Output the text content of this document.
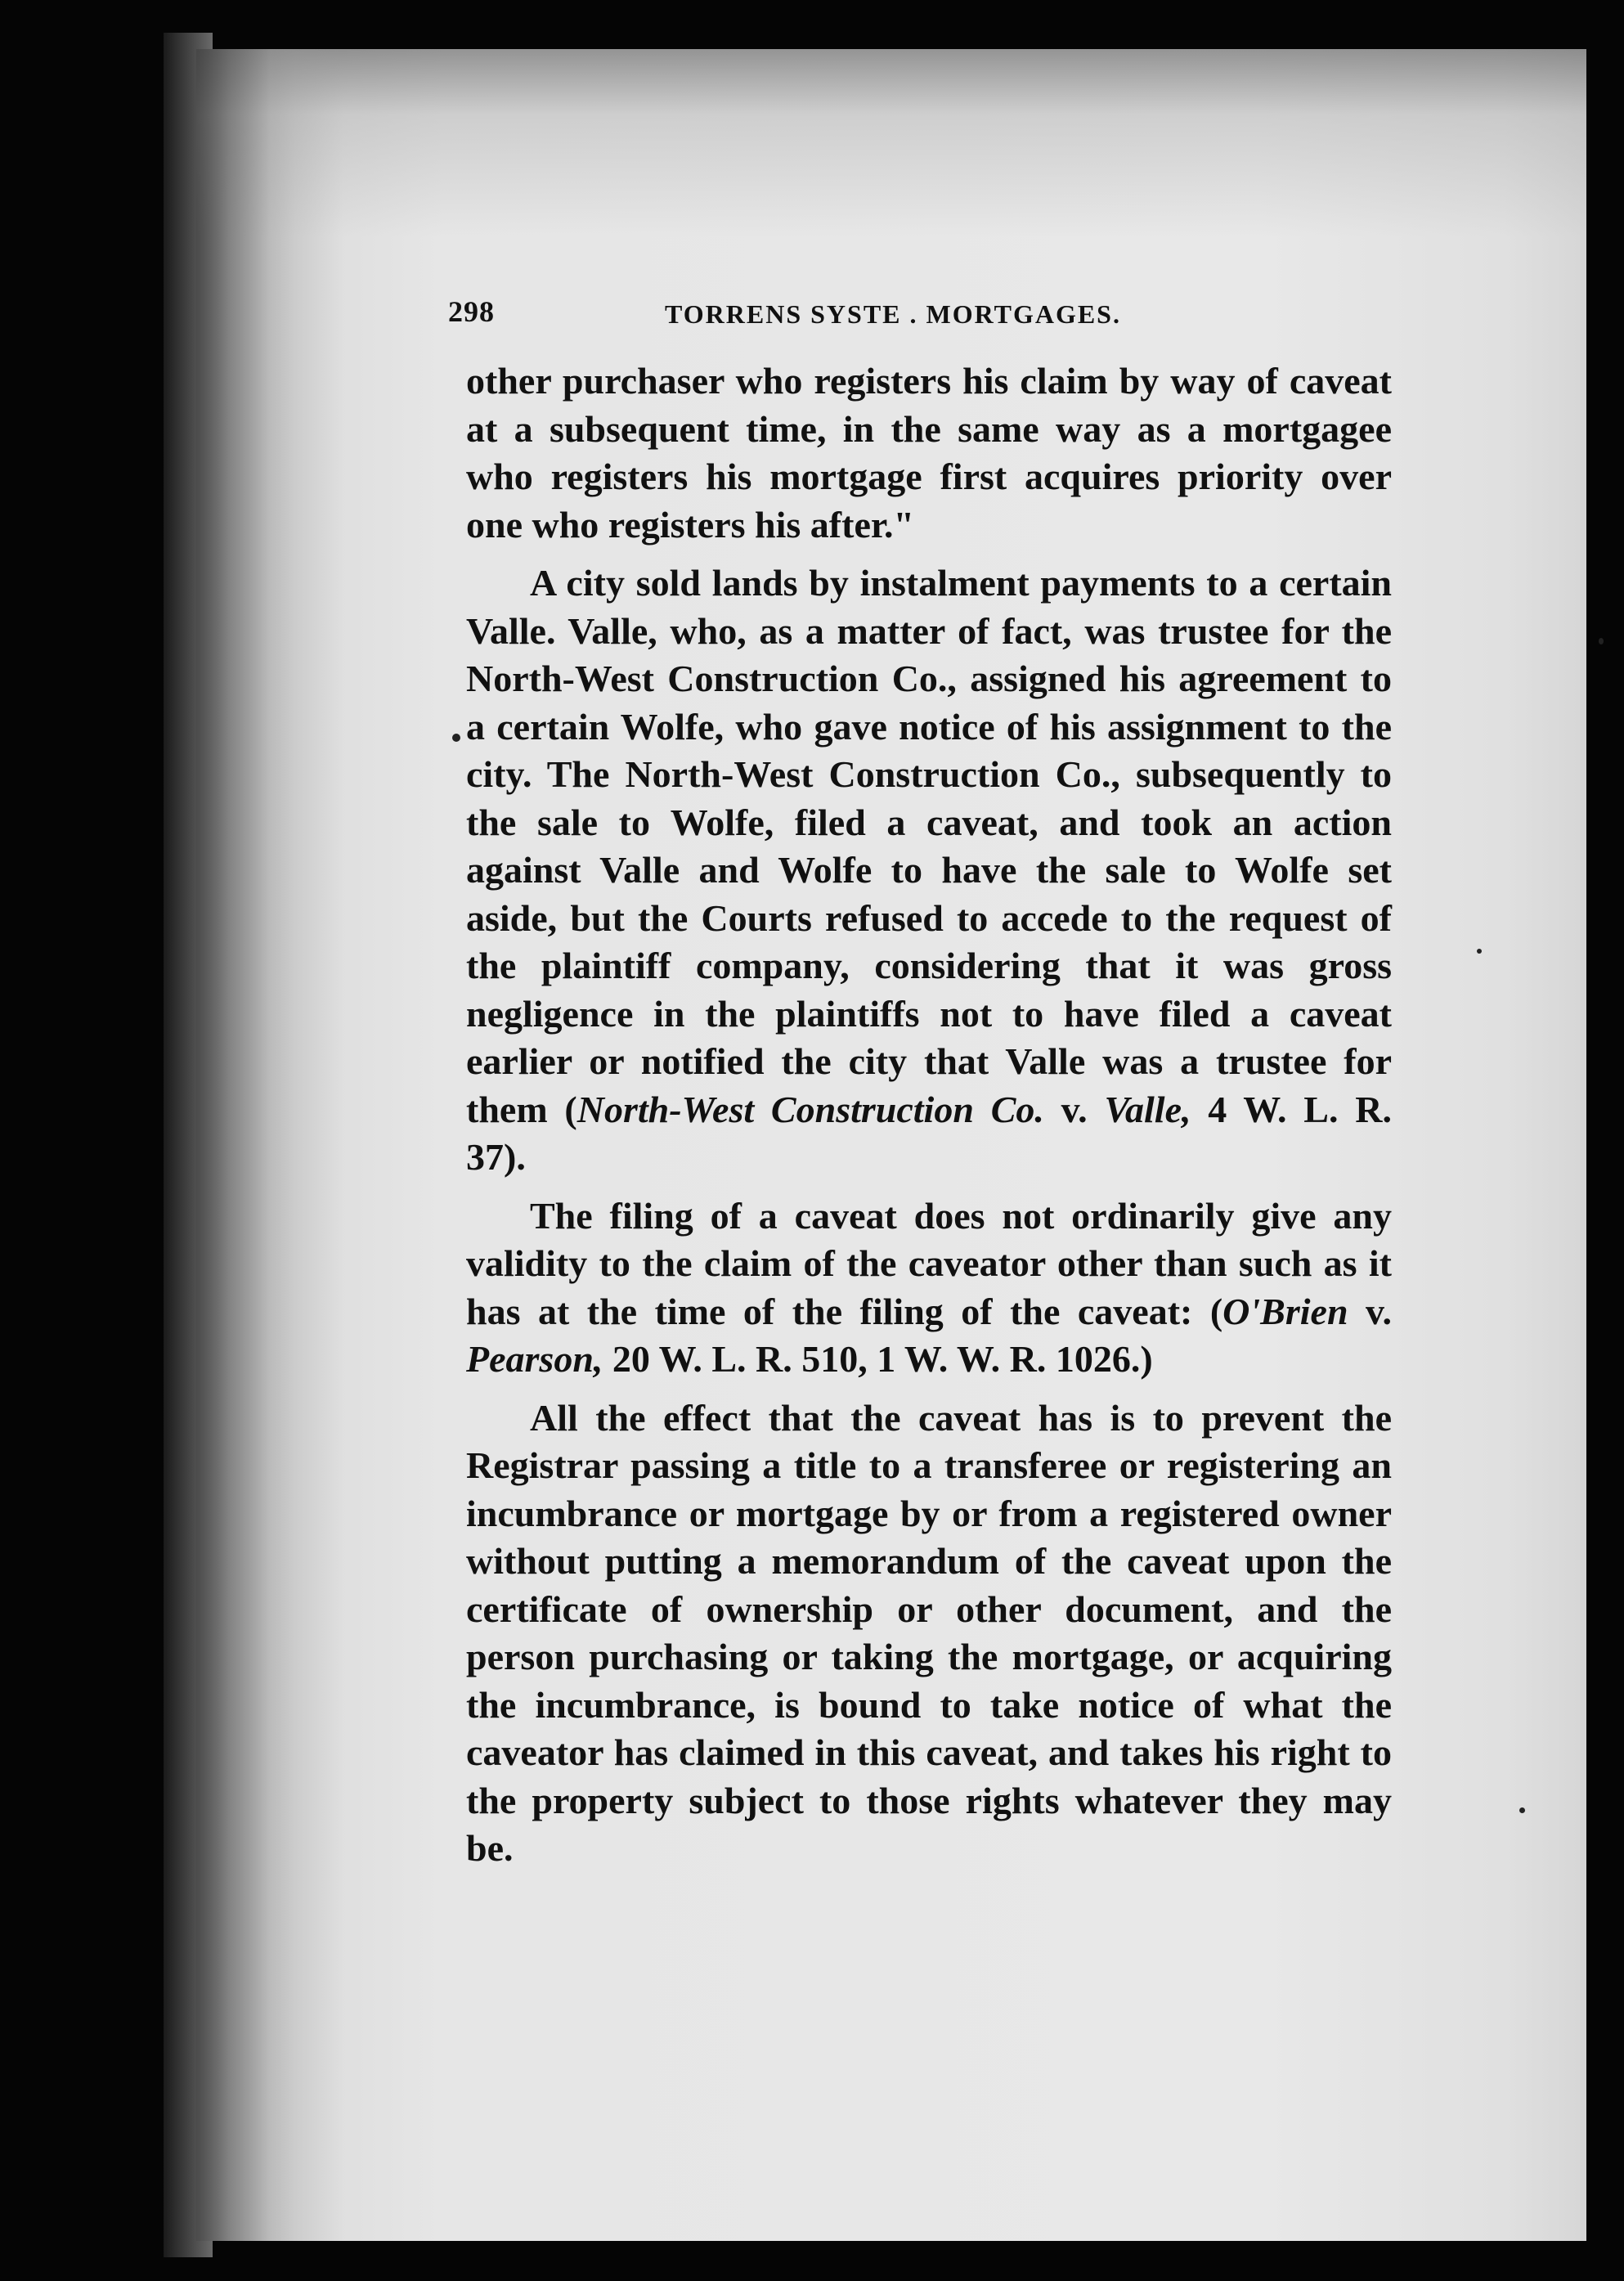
298	TORRENS SYSTE . MORTGAGES.

other purchaser who registers his claim by way of caveat at a subsequent time, in the same way as a mortgagee who registers his mortgage first acquires priority over one who registers his after."

A city sold lands by instalment payments to a certain Valle. Valle, who, as a matter of fact, was trustee for the North-West Construction Co., assigned his agreement to a certain Wolfe, who gave notice of his assignment to the city. The North-West Construction Co., subsequently to the sale to Wolfe, filed a caveat, and took an action against Valle and Wolfe to have the sale to Wolfe set aside, but the Courts refused to accede to the request of the plaintiff company, considering that it was gross negligence in the plaintiffs not to have filed a caveat earlier or notified the city that Valle was a trustee for them (North-West Construction Co. v. Valle, 4 W. L. R. 37).

The filing of a caveat does not ordinarily give any validity to the claim of the caveator other than such as it has at the time of the filing of the caveat: (O'Brien v. Pearson, 20 W. L. R. 510, 1 W. W. R. 1026.)

All the effect that the caveat has is to prevent the Registrar passing a title to a transferee or registering an incumbrance or mortgage by or from a registered owner without putting a memorandum of the caveat upon the certificate of ownership or other document, and the person purchasing or taking the mortgage, or acquiring the incumbrance, is bound to take notice of what the caveator has claimed in this caveat, and takes his right to the property subject to those rights whatever they may be.
